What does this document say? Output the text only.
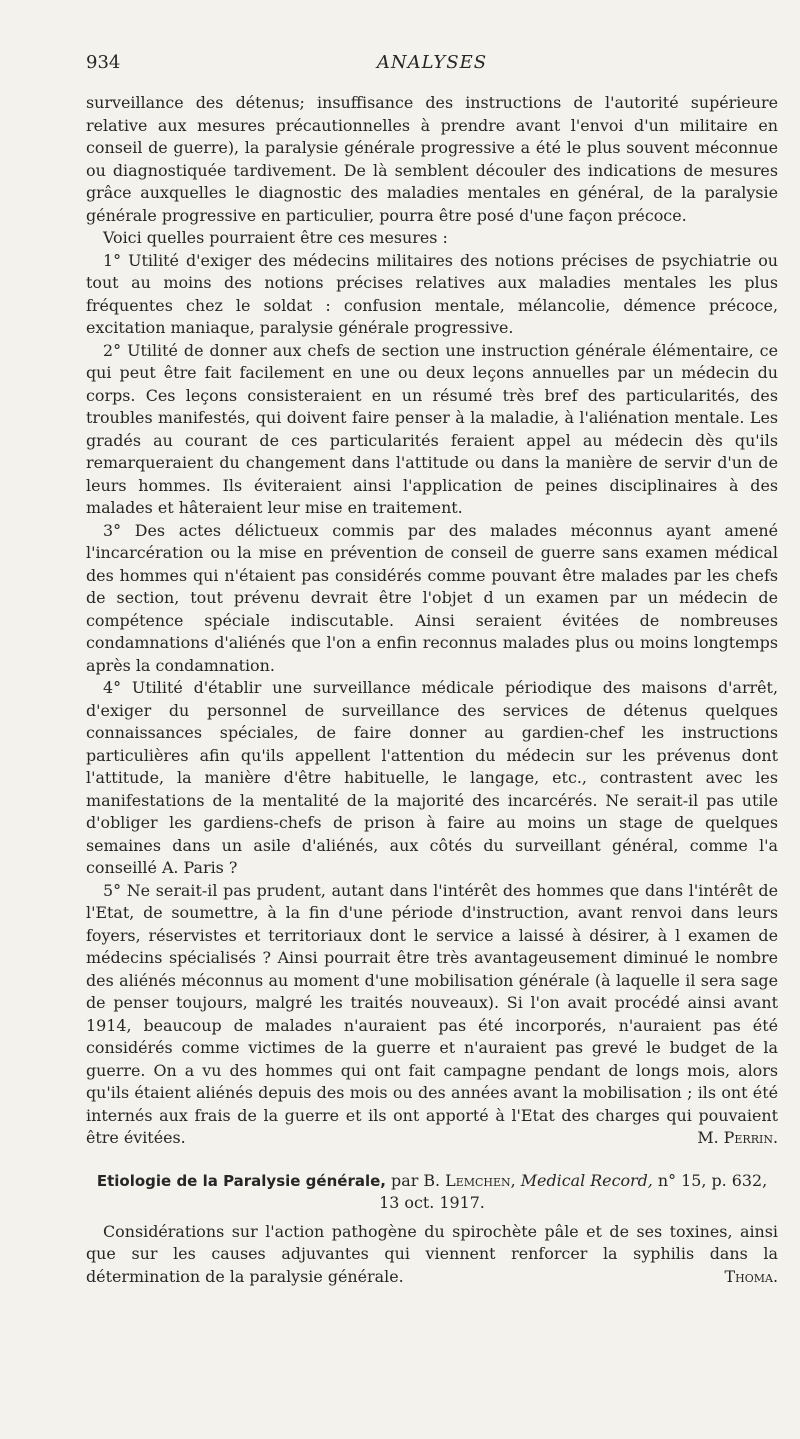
934	ANALYSES

surveillance des détenus; insuffisance des instructions de l'autorité supérieure relative aux mesures précautionnelles à prendre avant l'envoi d'un militaire en conseil de guerre), la paralysie générale progressive a été le plus souvent méconnue ou diagnostiquée tardivement. De là semblent découler des indications de mesures grâce auxquelles le diagnostic des maladies mentales en général, de la paralysie générale progressive en particulier, pourra être posé d'une façon précoce.

Voici quelles pourraient être ces mesures :

1° Utilité d'exiger des médecins militaires des notions précises de psychiatrie ou tout au moins des notions précises relatives aux maladies mentales les plus fréquentes chez le soldat : confusion mentale, mélancolie, démence précoce, excitation maniaque, paralysie générale progressive.

2° Utilité de donner aux chefs de section une instruction générale élémentaire, ce qui peut être fait facilement en une ou deux leçons annuelles par un médecin du corps. Ces leçons consisteraient en un résumé très bref des particularités, des troubles manifestés, qui doivent faire penser à la maladie, à l'aliénation mentale. Les gradés au courant de ces particularités feraient appel au médecin dès qu'ils remarqueraient du changement dans l'attitude ou dans la manière de servir d'un de leurs hommes. Ils éviteraient ainsi l'application de peines disciplinaires à des malades et hâteraient leur mise en traitement.

3° Des actes délictueux commis par des malades méconnus ayant amené l'incarcération ou la mise en prévention de conseil de guerre sans examen médical des hommes qui n'étaient pas considérés comme pouvant être malades par les chefs de section, tout prévenu devrait être l'objet d un examen par un médecin de compétence spéciale indiscutable. Ainsi seraient évitées de nombreuses condamnations d'aliénés que l'on a enfin reconnus malades plus ou moins longtemps après la condamnation.

4° Utilité d'établir une surveillance médicale périodique des maisons d'arrêt, d'exiger du personnel de surveillance des services de détenus quelques connaissances spéciales, de faire donner au gardien-chef les instructions particulières afin qu'ils appellent l'attention du médecin sur les prévenus dont l'attitude, la manière d'être habituelle, le langage, etc., contrastent avec les manifestations de la mentalité de la majorité des incarcérés. Ne serait-il pas utile d'obliger les gardiens-chefs de prison à faire au moins un stage de quelques semaines dans un asile d'aliénés, aux côtés du surveillant général, comme l'a conseillé A. Paris ?

5° Ne serait-il pas prudent, autant dans l'intérêt des hommes que dans l'intérêt de l'Etat, de soumettre, à la fin d'une période d'instruction, avant renvoi dans leurs foyers, réservistes et territoriaux dont le service a laissé à désirer, à l examen de médecins spécialisés ? Ainsi pourrait être très avantageusement diminué le nombre des aliénés méconnus au moment d'une mobilisation générale (à laquelle il sera sage de penser toujours, malgré les traités nouveaux). Si l'on avait procédé ainsi avant 1914, beaucoup de malades n'auraient pas été incorporés, n'auraient pas été considérés comme victimes de la guerre et n'auraient pas grevé le budget de la guerre. On a vu des hommes qui ont fait campagne pendant de longs mois, alors qu'ils étaient aliénés depuis des mois ou des années avant la mobilisation ; ils ont été internés aux frais de la guerre et ils ont apporté à l'Etat des charges qui pouvaient être évitées.	M. Perrin.

Etiologie de la Paralysie générale, par B. Lemchen, Medical Record, n° 15, p. 632, 13 oct. 1917.

Considérations sur l'action pathogène du spirochète pâle et de ses toxines, ainsi que sur les causes adjuvantes qui viennent renforcer la syphilis dans la détermination de la paralysie générale.	Thoma.
